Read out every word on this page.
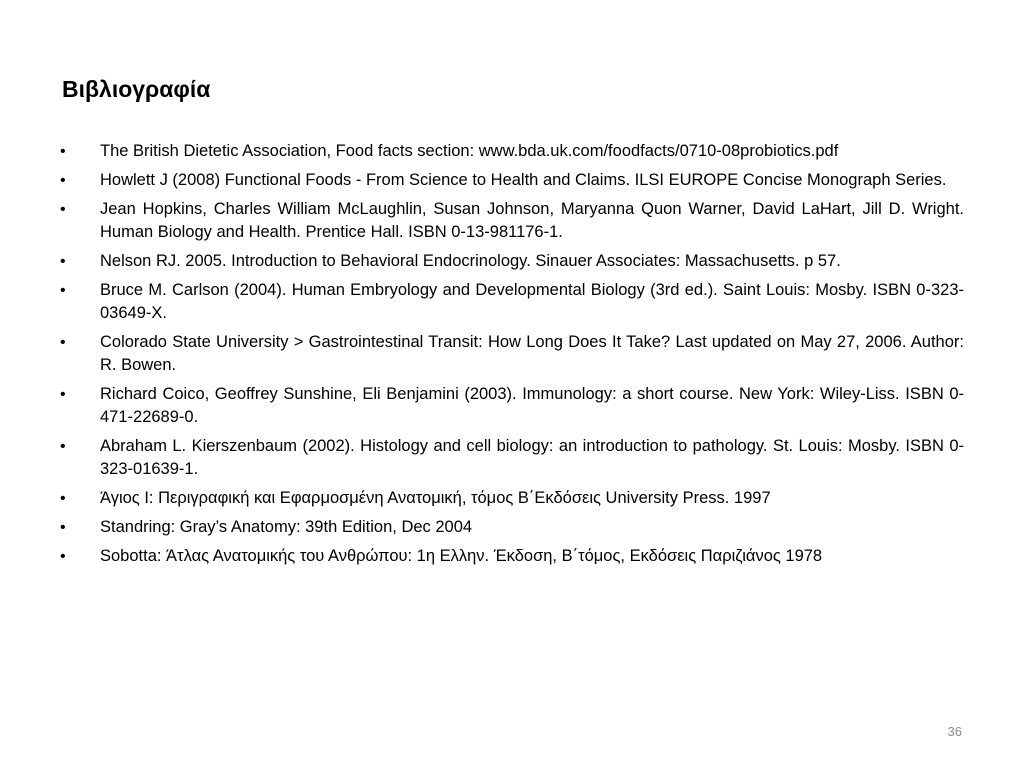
Βιβλιογραφία
•	The British Dietetic Association, Food facts section: www.bda.uk.com/foodfacts/0710-08probiotics.pdf
•	Howlett J (2008) Functional Foods - From Science to Health and Claims. ILSI EUROPE Concise Monograph Series.
•	Jean Hopkins, Charles William McLaughlin, Susan Johnson, Maryanna Quon Warner, David LaHart, Jill D. Wright. Human Biology and Health. Prentice Hall. ISBN 0-13-981176-1.
•	Nelson RJ. 2005. Introduction to Behavioral Endocrinology. Sinauer Associates: Massachusetts. p 57.
•	Bruce M. Carlson (2004). Human Embryology and Developmental Biology (3rd ed.). Saint Louis: Mosby. ISBN 0-323-03649-X.
•	Colorado State University > Gastrointestinal Transit: How Long Does It Take? Last updated on May 27, 2006. Author: R. Bowen.
•	Richard Coico, Geoffrey Sunshine, Eli Benjamini (2003). Immunology: a short course. New York: Wiley-Liss. ISBN 0-471-22689-0.
•	Abraham L. Kierszenbaum (2002). Histology and cell biology: an introduction to pathology. St. Louis: Mosby. ISBN 0-323-01639-1.
•	Άγιος Ι: Περιγραφική και Εφαρμοσμένη Ανατομική, τόμος Β΄Εκδόσεις University Press. 1997
•	Standring: Gray’s Anatomy: 39th Edition, Dec 2004
•	Sobotta: Άτλας Ανατομικής του Ανθρώπου: 1η Ελλην. Έκδοση, Β΄τόμος, Εκδόσεις Παριζιάνος 1978
36
